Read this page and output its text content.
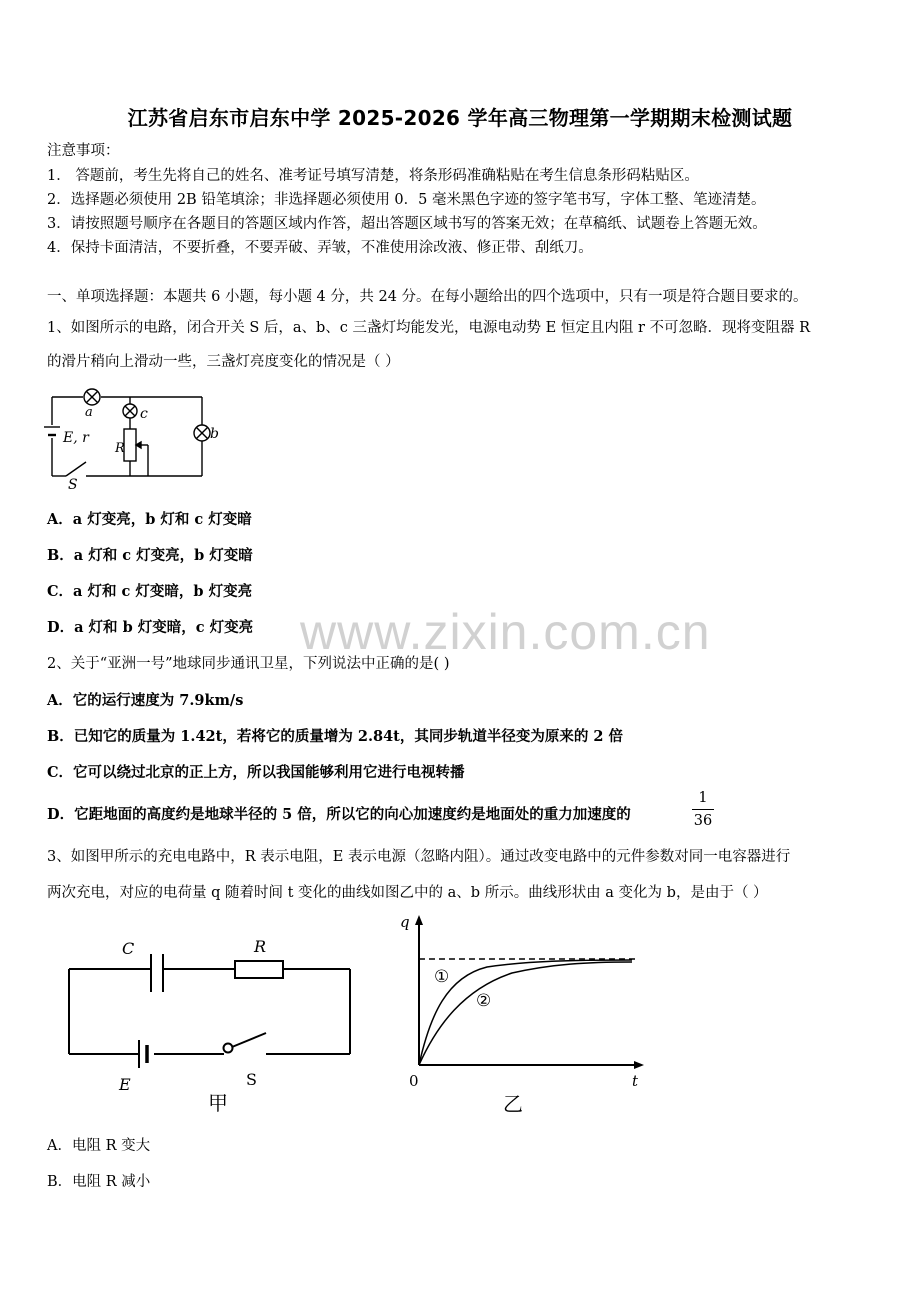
江苏省启东市启东中学 2025-2026 学年高三物理第一学期期末检测试题
注意事项：
1． 答题前，考生先将自己的姓名、准考证号填写清楚，将条形码准确粘贴在考生信息条形码粘贴区。
2．选择题必须使用 2B 铅笔填涂；非选择题必须使用 0．5 毫米黑色字迹的签字笔书写，字体工整、笔迹清楚。
3．请按照题号顺序在各题目的答题区域内作答，超出答题区域书写的答案无效；在草稿纸、试题卷上答题无效。
4．保持卡面清洁，不要折叠，不要弄破、弄皱，不准使用涂改液、修正带、刮纸刀。
一、单项选择题：本题共 6 小题，每小题 4 分，共 24 分。在每小题给出的四个选项中，只有一项是符合题目要求的。
1、如图所示的电路，闭合开关 S 后，a、b、c 三盏灯均能发光，电源电动势 E 恒定且内阻 r 不可忽略．现将变阻器 R
的滑片稍向上滑动一些，三盏灯亮度变化的情况是（ ）
a	c
b
E, r
R
S
A．a 灯变亮，b 灯和 c 灯变暗
B．a 灯和 c 灯变亮，b 灯变暗
C．a 灯和 c 灯变暗，b 灯变亮
D．a 灯和 b 灯变暗，c 灯变亮 www.zixin.com.cn
2、关于“亚洲一号”地球同步通讯卫星，下列说法中正确的是( )
A．它的运行速度为 7.9km/s
B．已知它的质量为 1.42t，若将它的质量增为 2.84t，其同步轨道半径变为原来的 2 倍
C．它可以绕过北京的正上方，所以我国能够利用它进行电视转播
D．它距地面的高度约是地球半径的 5 倍，所以它的向心加速度约是地面处的重力加速度的
1
36
3、如图甲所示的充电电路中，R 表示电阻，E 表示电源（忽略内阻）。通过改变电路中的元件参数对同一电容器进行
两次充电，对应的电荷量 q 随着时间 t 变化的曲线如图乙中的 a、b 所示。曲线形状由 a 变化为 b，是由于（ ）
C	R
E	S
甲
q
t
0
①
②
乙
A．电阻 R 变大
B．电阻 R 减小
